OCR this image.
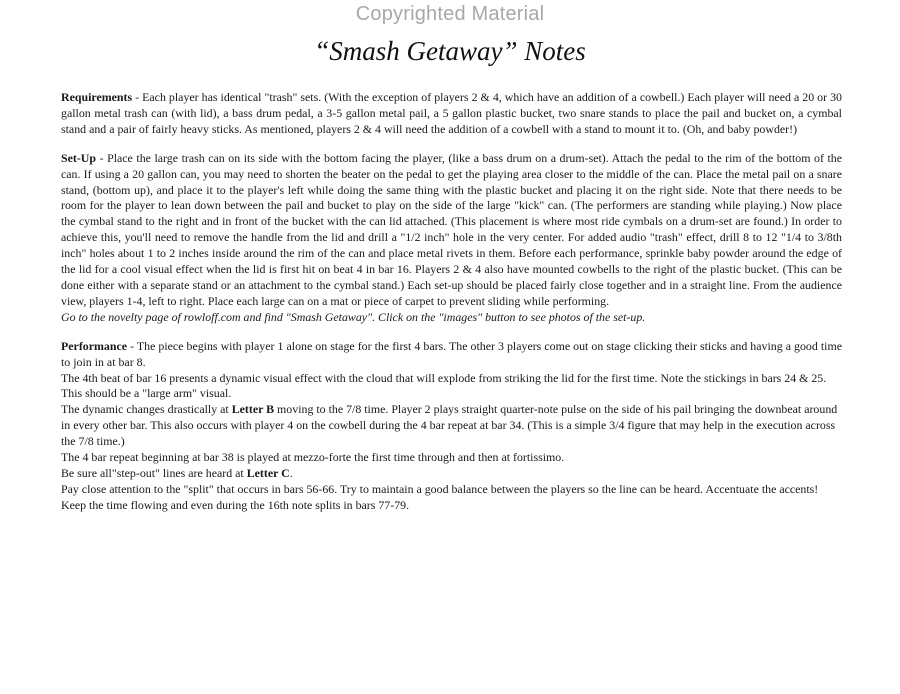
Copyrighted Material
“Smash Getaway” Notes
Requirements - Each player has identical "trash" sets. (With the exception of players 2 & 4, which have an addition of a cowbell.) Each player will need a 20 or 30 gallon metal trash can (with lid), a bass drum pedal, a 3-5 gallon metal pail, a 5 gallon plastic bucket, two snare stands to place the pail and bucket on, a cymbal stand and a pair of fairly heavy sticks. As mentioned, players 2 & 4 will need the addition of a cowbell with a stand to mount it to. (Oh, and baby powder!)
Set-Up - Place the large trash can on its side with the bottom facing the player, (like a bass drum on a drum-set). Attach the pedal to the rim of the bottom of the can. If using a 20 gallon can, you may need to shorten the beater on the pedal to get the playing area closer to the middle of the can. Place the metal pail on a snare stand, (bottom up), and place it to the player's left while doing the same thing with the plastic bucket and placing it on the right side. Note that there needs to be room for the player to lean down between the pail and bucket to play on the side of the large "kick" can. (The performers are standing while playing.) Now place the cymbal stand to the right and in front of the bucket with the can lid attached. (This placement is where most ride cymbals on a drum-set are found.) In order to achieve this, you'll need to remove the handle from the lid and drill a "1/2 inch" hole in the very center. For added audio "trash" effect, drill 8 to 12 "1/4 to 3/8th inch" holes about 1 to 2 inches inside around the rim of the can and place metal rivets in them. Before each performance, sprinkle baby powder around the edge of the lid for a cool visual effect when the lid is first hit on beat 4 in bar 16. Players 2 & 4 also have mounted cowbells to the right of the plastic bucket. (This can be done either with a separate stand or an attachment to the cymbal stand.) Each set-up should be placed fairly close together and in a straight line. From the audience view, players 1-4, left to right. Place each large can on a mat or piece of carpet to prevent sliding while performing.
Go to the novelty page of rowloff.com and find "Smash Getaway". Click on the "images" button to see photos of the set-up.
Performance - The piece begins with player 1 alone on stage for the first 4 bars. The other 3 players come out on stage clicking their sticks and having a good time to join in at bar 8.
The 4th beat of bar 16 presents a dynamic visual effect with the cloud that will explode from striking the lid for the first time. Note the stickings in bars 24 & 25. This should be a "large arm" visual.
The dynamic changes drastically at Letter B moving to the 7/8 time. Player 2 plays straight quarter-note pulse on the side of his pail bringing the downbeat around in every other bar. This also occurs with player 4 on the cowbell during the 4 bar repeat at bar 34. (This is a simple 3/4 figure that may help in the execution across the 7/8 time.)
The 4 bar repeat beginning at bar 38 is played at mezzo-forte the first time through and then at fortissimo.
Be sure all"step-out" lines are heard at Letter C.
Pay close attention to the "split" that occurs in bars 56-66. Try to maintain a good balance between the players so the line can be heard. Accentuate the accents!
Keep the time flowing and even during the 16th note splits in bars 77-79.
